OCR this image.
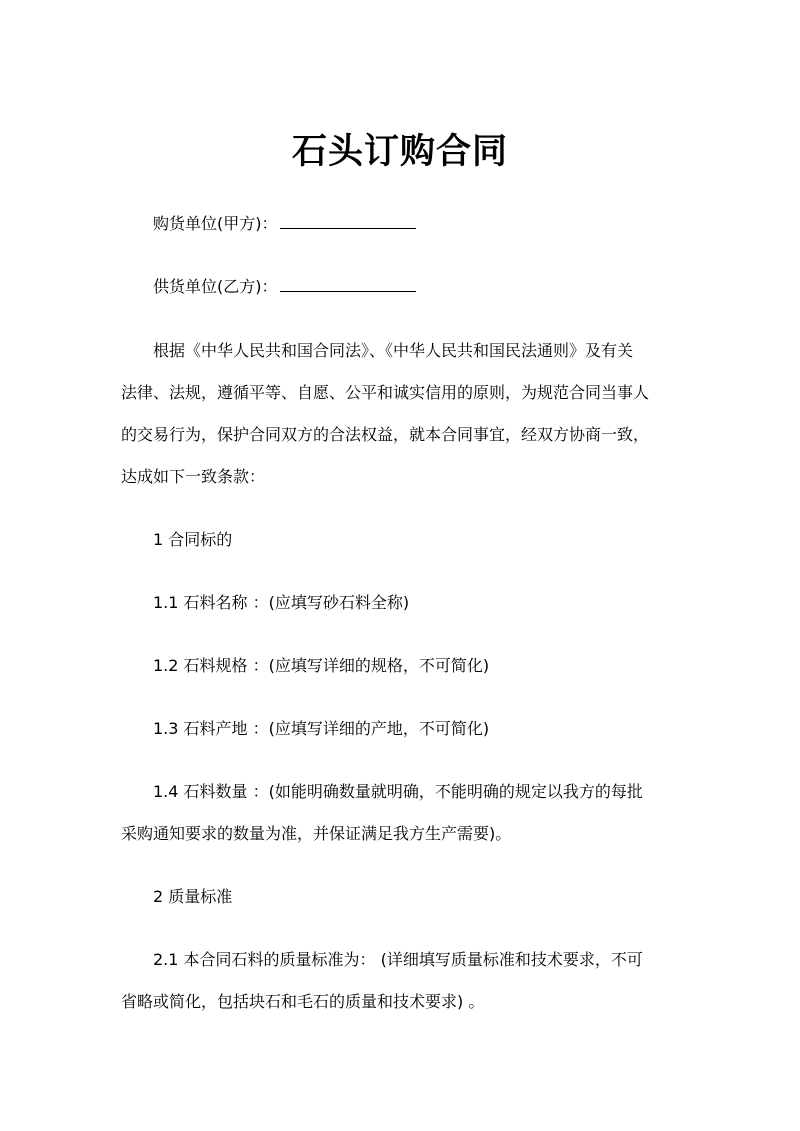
石头订购合同
购货单位(甲方)：
供货单位(乙方)：
根据《中华人民共和国合同法》、《中华人民共和国民法通则》及有关
法律、法规，遵循平等、自愿、公平和诚实信用的原则，为规范合同当事人
的交易行为，保护合同双方的合法权益，就本合同事宜，经双方协商一致，
达成如下一致条款：
1 合同标的
1.1 石料名称 ：(应填写砂石料全称)
1.2 石料规格 ：(应填写详细的规格，不可简化)
1.3 石料产地 ：(应填写详细的产地，不可简化)
1.4 石料数量 ：(如能明确数量就明确，不能明确的规定以我方的每批
采购通知要求的数量为准，并保证满足我方生产需要)。
2 质量标准
2.1 本合同石料的质量标准为： (详细填写质量标准和技术要求，不可
省略或简化，包括块石和毛石的质量和技术要求) 。
